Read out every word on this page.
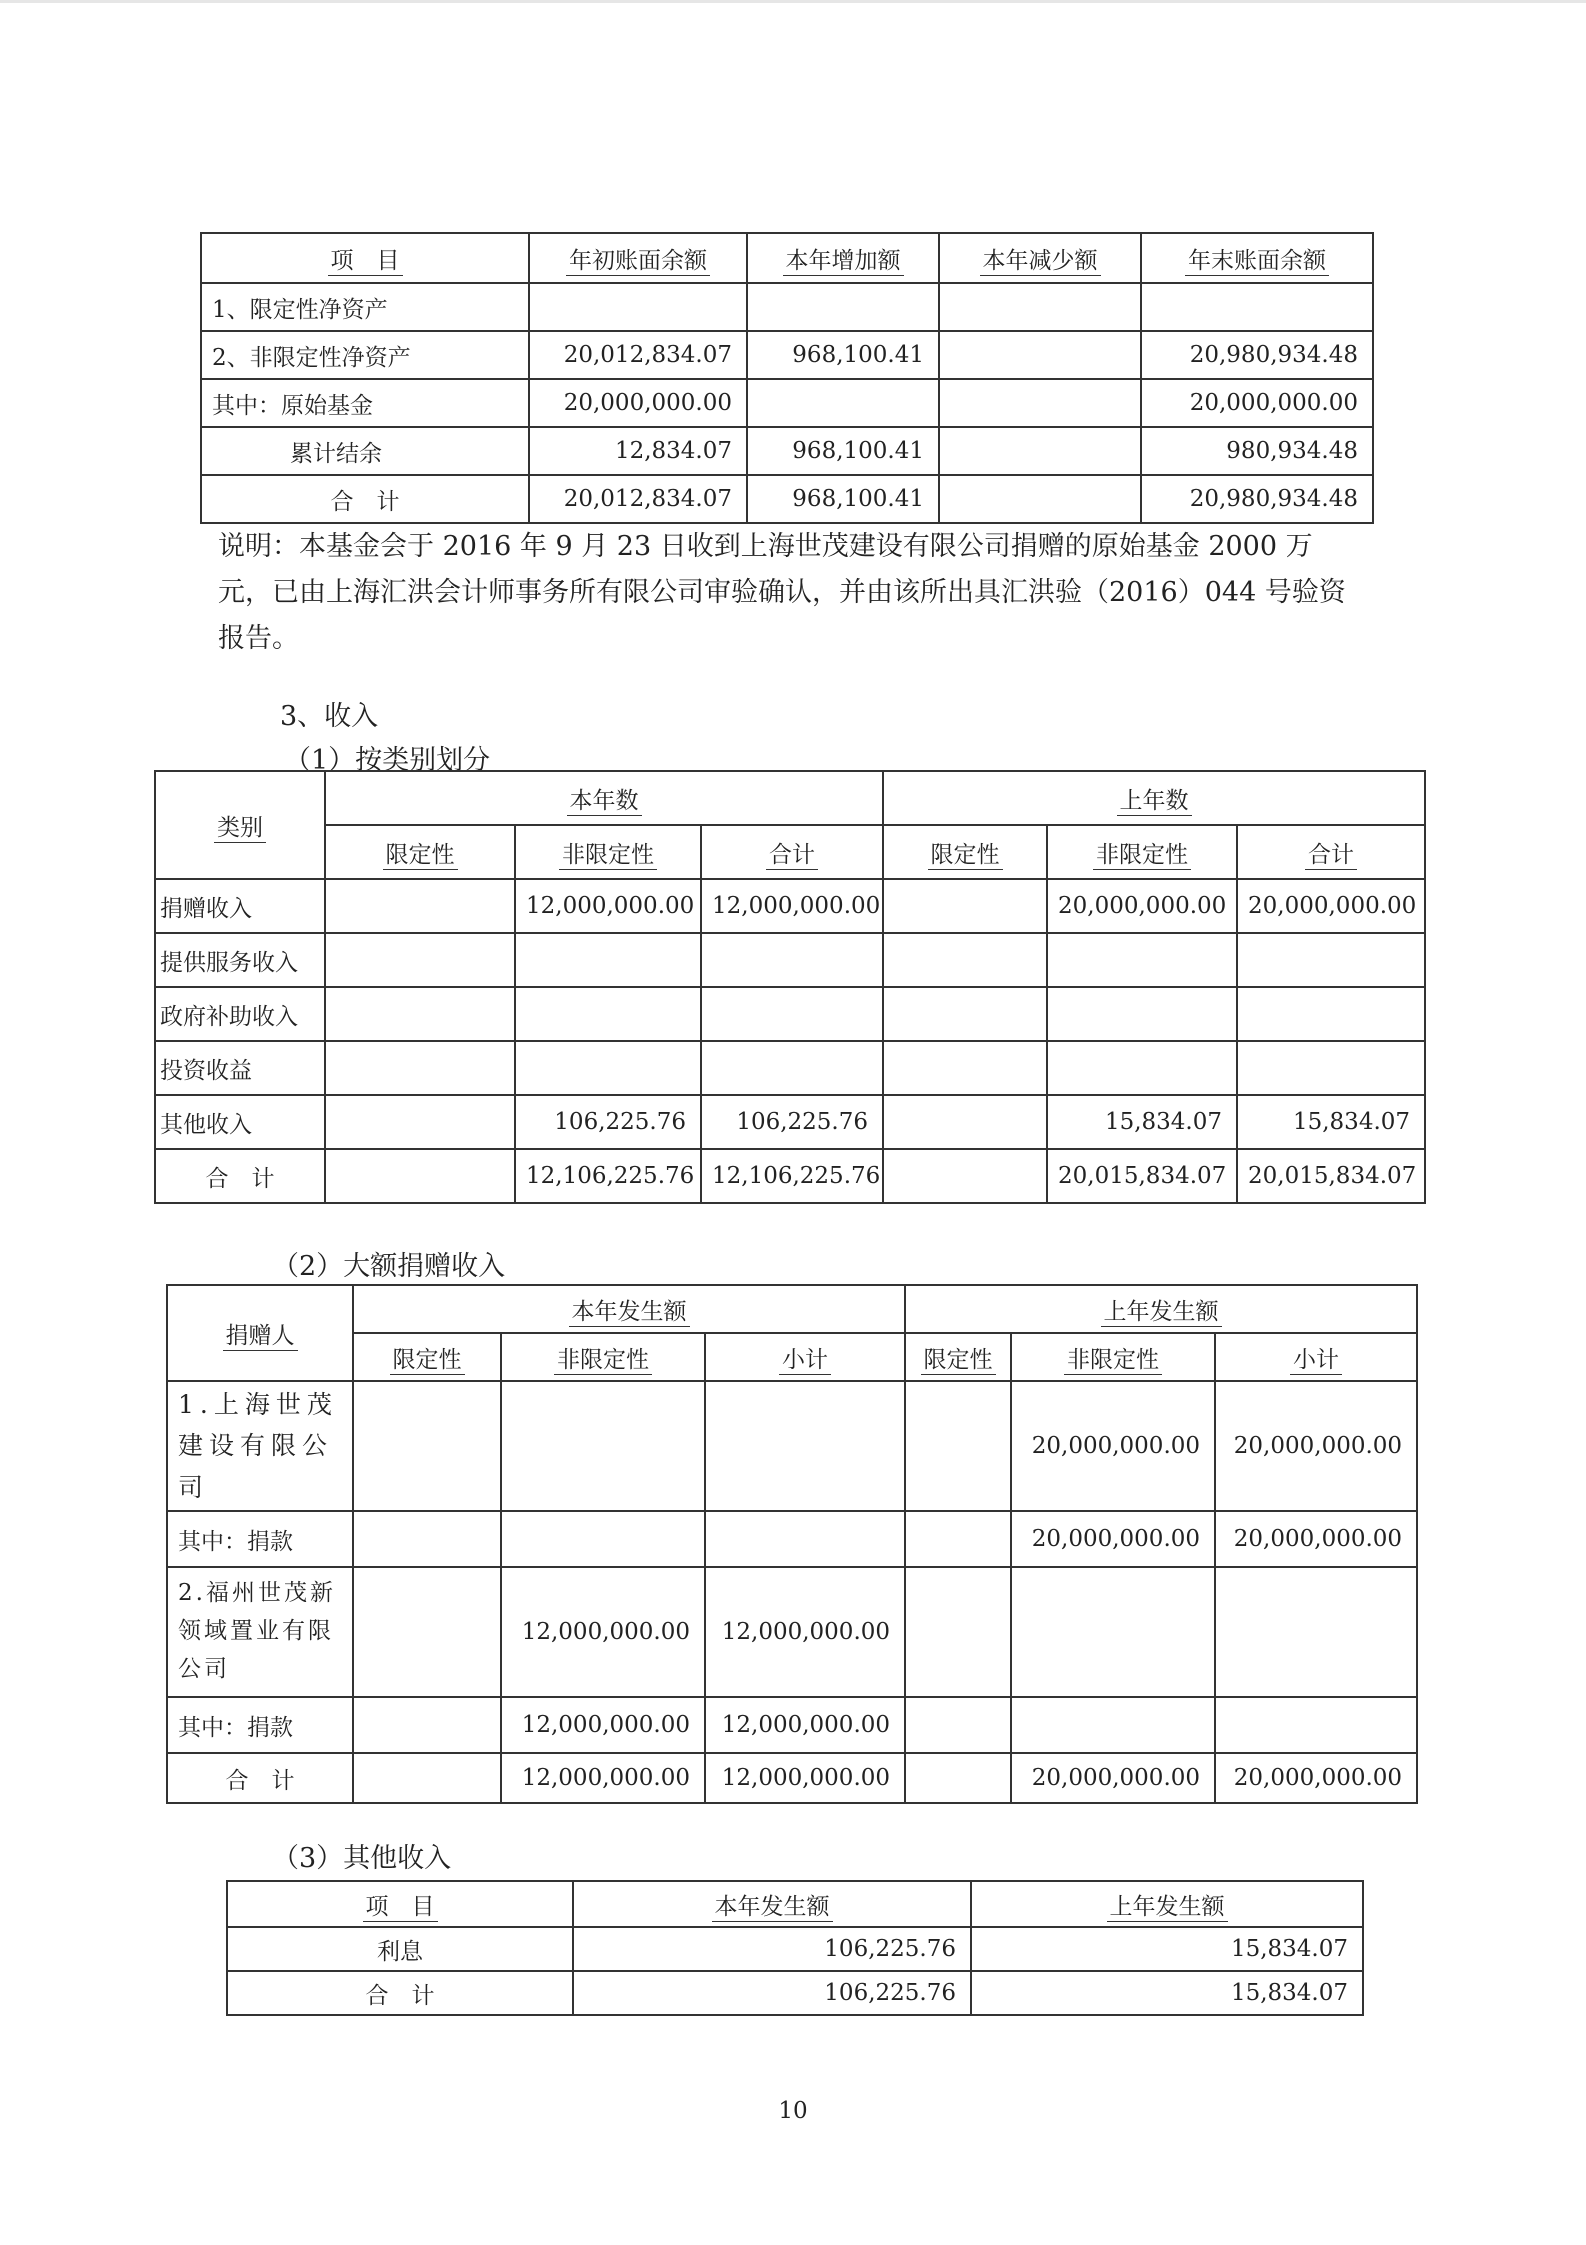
项　目	年初账面余额	本年增加额	本年减少额	年末账面余额
1、限定性净资产				
2、非限定性净资产	20,012,834.07	968,100.41		20,980,934.48
其中：原始基金	20,000,000.00			20,000,000.00
累计结余	12,834.07	968,100.41		980,934.48
合　计	20,012,834.07	968,100.41		20,980,934.48

说明：本基金会于 2016 年 9 月 23 日收到上海世茂建设有限公司捐赠的原始基金 2000 万

元，已由上海汇洪会计师事务所有限公司审验确认，并由该所出具汇洪验（2016）044 号验资

报告。

3、收入
（1）按类别划分
类别	本年数			上年数		
	限定性	非限定性	合计	限定性	非限定性	合计
捐赠收入		12,000,000.00	12,000,000.00		20,000,000.00	20,000,000.00
提供服务收入						
政府补助收入						
投资收益						
其他收入		106,225.76	106,225.76		15,834.07	15,834.07
合　计		12,106,225.76	12,106,225.76		20,015,834.07	20,015,834.07
（2）大额捐赠收入
捐赠人	本年发生额			上年发生额		
	限定性	非限定性	小计	限定性	非限定性	小计
1.上海世茂建设有限公司					20,000,000.00	20,000,000.00
其中：捐款					20,000,000.00	20,000,000.00
2.福州世茂新领域置业有限公司		12,000,000.00	12,000,000.00			
其中：捐款		12,000,000.00	12,000,000.00			
合　计		12,000,000.00	12,000,000.00		20,000,000.00	20,000,000.00
（3）其他收入
项　目	本年发生额	上年发生额
利息	106,225.76	15,834.07
合　计	106,225.76	15,834.07
10
